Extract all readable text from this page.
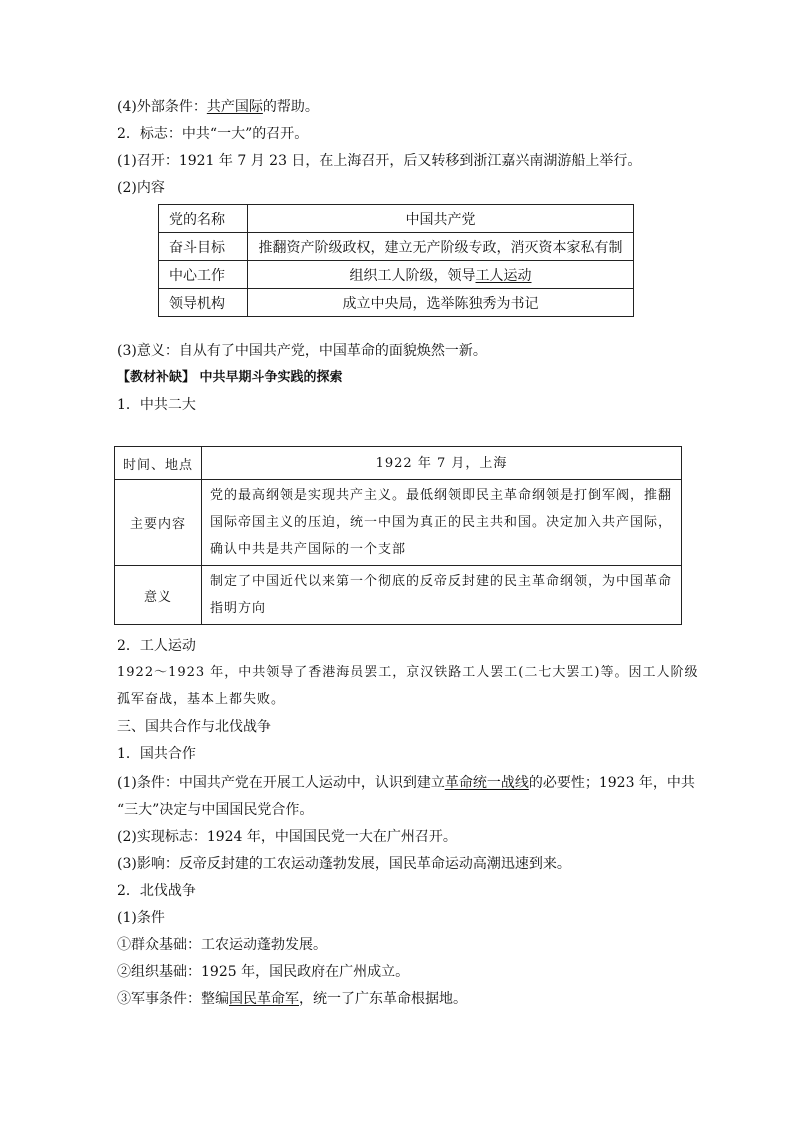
(4)外部条件：共产国际的帮助。
2．标志：中共“一大”的召开。
(1)召开：1921 年 7 月 23 日，在上海召开，后又转移到浙江嘉兴南湖游船上举行。
(2)内容
党的名称	中国共产党
奋斗目标	推翻资产阶级政权，建立无产阶级专政，消灭资本家私有制
中心工作	组织工人阶级，领导工人运动
领导机构	成立中央局，选举陈独秀为书记
(3)意义：自从有了中国共产党，中国革命的面貌焕然一新。
【教材补缺】 中共早期斗争实践的探索
1．中共二大
时间、地点	1922 年 7 月，上海
主要内容	党的最高纲领是实现共产主义。最低纲领即民主革命纲领是打倒军阀，推翻国际帝国主义的压迫，统一中国为真正的民主共和国。决定加入共产国际，确认中共是共产国际的一个支部
意义	制定了中国近代以来第一个彻底的反帝反封建的民主革命纲领，为中国革命指明方向
2．工人运动
1922～1923 年，中共领导了香港海员罢工，京汉铁路工人罢工(二七大罢工)等。因工人阶级
孤军奋战，基本上都失败。
三、国共合作与北伐战争
1．国共合作
(1)条件：中国共产党在开展工人运动中，认识到建立革命统一战线的必要性；1923 年，中共
“三大”决定与中国国民党合作。
(2)实现标志：1924 年，中国国民党一大在广州召开。
(3)影响：反帝反封建的工农运动蓬勃发展，国民革命运动高潮迅速到来。
2．北伐战争
(1)条件
①群众基础：工农运动蓬勃发展。
②组织基础：1925 年，国民政府在广州成立。
③军事条件：整编国民革命军，统一了广东革命根据地。
